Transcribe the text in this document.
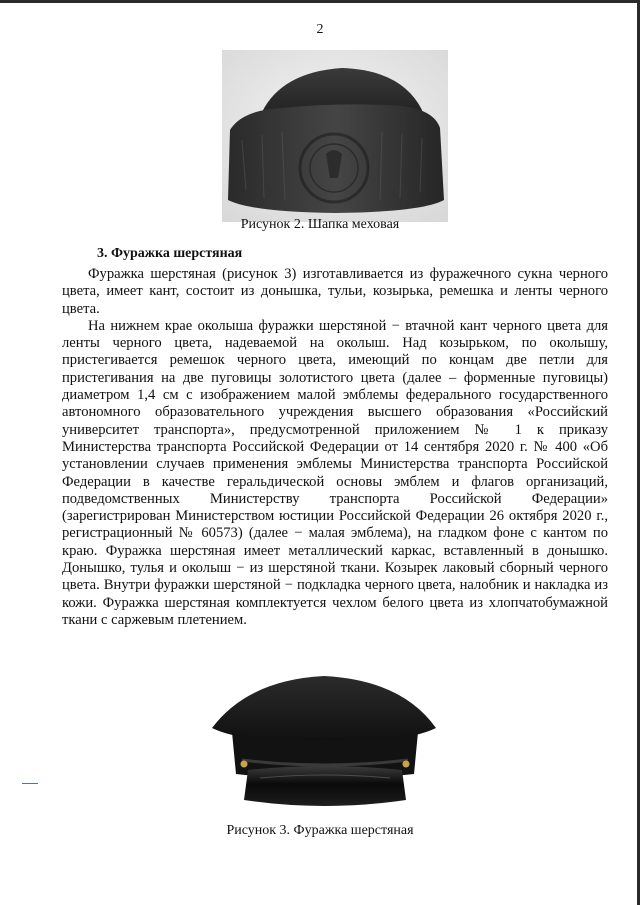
2
Рисунок 2. Шапка меховая
3. Фуражка шерстяная

Фуражка шерстяная (рисунок 3) изготавливается из фуражечного сукна черного цвета, имеет кант, состоит из донышка, тульи, козырька, ремешка и ленты черного цвета.

На нижнем крае околыша фуражки шерстяной − втачной кант черного цвета для ленты черного цвета, надеваемой на околыш. Над козырьком, по околышу, пристегивается ремешок черного цвета, имеющий по концам две петли для пристегивания на две пуговицы золотистого цвета (далее – форменные пуговицы) диаметром 1,4 см с изображением малой эмблемы федерального государственного автономного образовательного учреждения высшего образования «Российский университет транспорта», предусмотренной приложением № 1 к приказу Министерства транспорта Российской Федерации от 14 сентября 2020 г. № 400 «Об установлении случаев применения эмблемы Министерства транспорта Российской Федерации в качестве геральдической основы эмблем и флагов организаций, подведомственных Министерству транспорта Российской Федерации» (зарегистрирован Министерством юстиции Российской Федерации 26 октября 2020 г., регистрационный № 60573) (далее − малая эмблема), на гладком фоне с кантом по краю. Фуражка шерстяная имеет металлический каркас, вставленный в донышко. Донышко, тулья и околыш − из шерстяной ткани. Козырек лаковый сборный черного цвета. Внутри фуражки шерстяной − подкладка черного цвета, налобник и накладка из кожи. Фуражка шерстяная комплектуется чехлом белого цвета из хлопчатобумажной ткани с саржевым плетением.

Рисунок 3. Фуражка шерстяная
